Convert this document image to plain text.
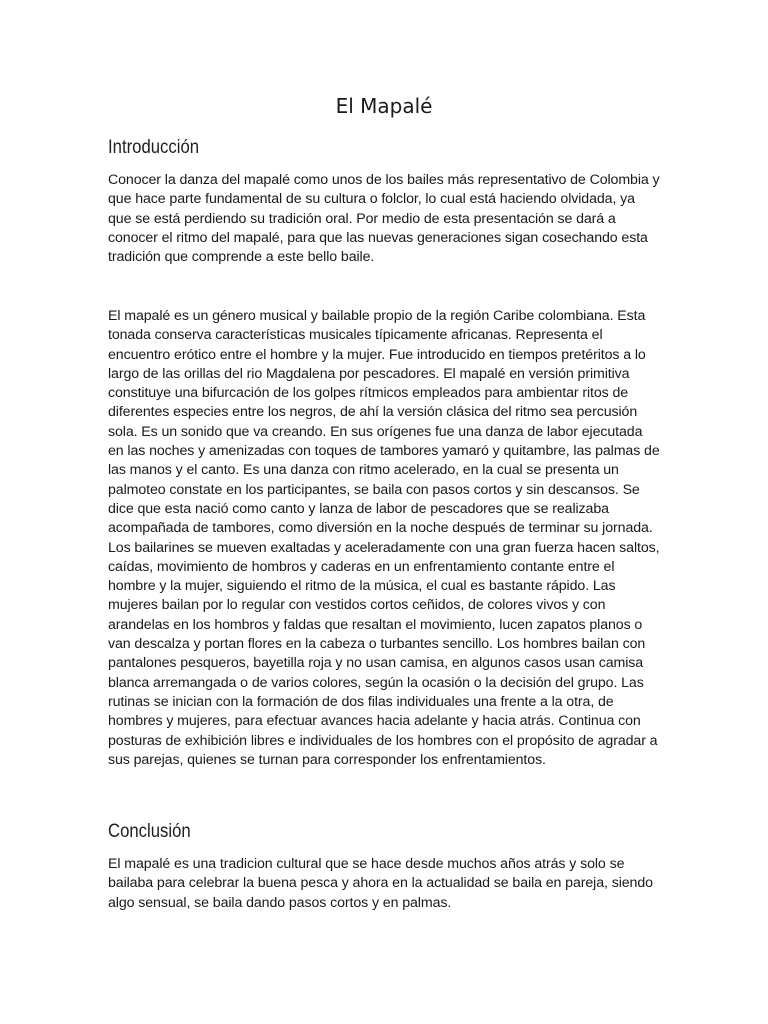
El Mapalé
Introducción

Conocer la danza del mapalé como unos de los bailes más representativo de Colombia y que hace parte fundamental de su cultura o folclor, lo cual está haciendo olvidada, ya que se está perdiendo su tradición oral. Por medio de esta presentación se dará a conocer el ritmo del mapalé, para que las nuevas generaciones sigan cosechando esta tradición que comprende a este bello baile.

El mapalé es un género musical y bailable propio de la región Caribe colombiana. Esta tonada conserva características musicales típicamente africanas. Representa el encuentro erótico entre el hombre y la mujer. Fue introducido en tiempos pretéritos a lo largo de las orillas del rio Magdalena por pescadores. El mapalé en versión primitiva constituye una bifurcación de los golpes rítmicos empleados para ambientar ritos de diferentes especies entre los negros, de ahí la versión clásica del ritmo sea percusión sola. Es un sonido que va creando. En sus orígenes fue una danza de labor ejecutada en las noches y amenizadas con toques de tambores yamaró y quitambre, las palmas de las manos y el canto. Es una danza con ritmo acelerado, en la cual se presenta un palmoteo constate en los participantes, se baila con pasos cortos y sin descansos. Se dice que esta nació como canto y lanza de labor de pescadores que se realizaba acompañada de tambores, como diversión en la noche después de terminar su jornada. Los bailarines se mueven exaltadas y aceleradamente con una gran fuerza hacen saltos, caídas, movimiento de hombros y caderas en un enfrentamiento contante entre el hombre y la mujer, siguiendo el ritmo de la música, el cual es bastante rápido. Las mujeres bailan por lo regular con vestidos cortos ceñidos, de colores vivos y con arandelas en los hombros y faldas que resaltan el movimiento, lucen zapatos planos o van descalza y portan flores en la cabeza o turbantes sencillo. Los hombres bailan con pantalones pesqueros, bayetilla roja y no usan camisa, en algunos casos usan camisa blanca arremangada o de varios colores, según la ocasión o la decisión del grupo. Las rutinas se inician con la formación de dos filas individuales una frente a la otra, de hombres y mujeres, para efectuar avances hacia adelante y hacia atrás. Continua con posturas de exhibición libres e individuales de los hombres con el propósito de agradar a sus parejas, quienes se turnan para corresponder los enfrentamientos.

Conclusión

El mapalé es una tradicion cultural que se hace desde muchos años atrás y solo se bailaba para celebrar la buena pesca y ahora en la actualidad se baila en pareja, siendo algo sensual, se baila dando pasos cortos y en palmas.
